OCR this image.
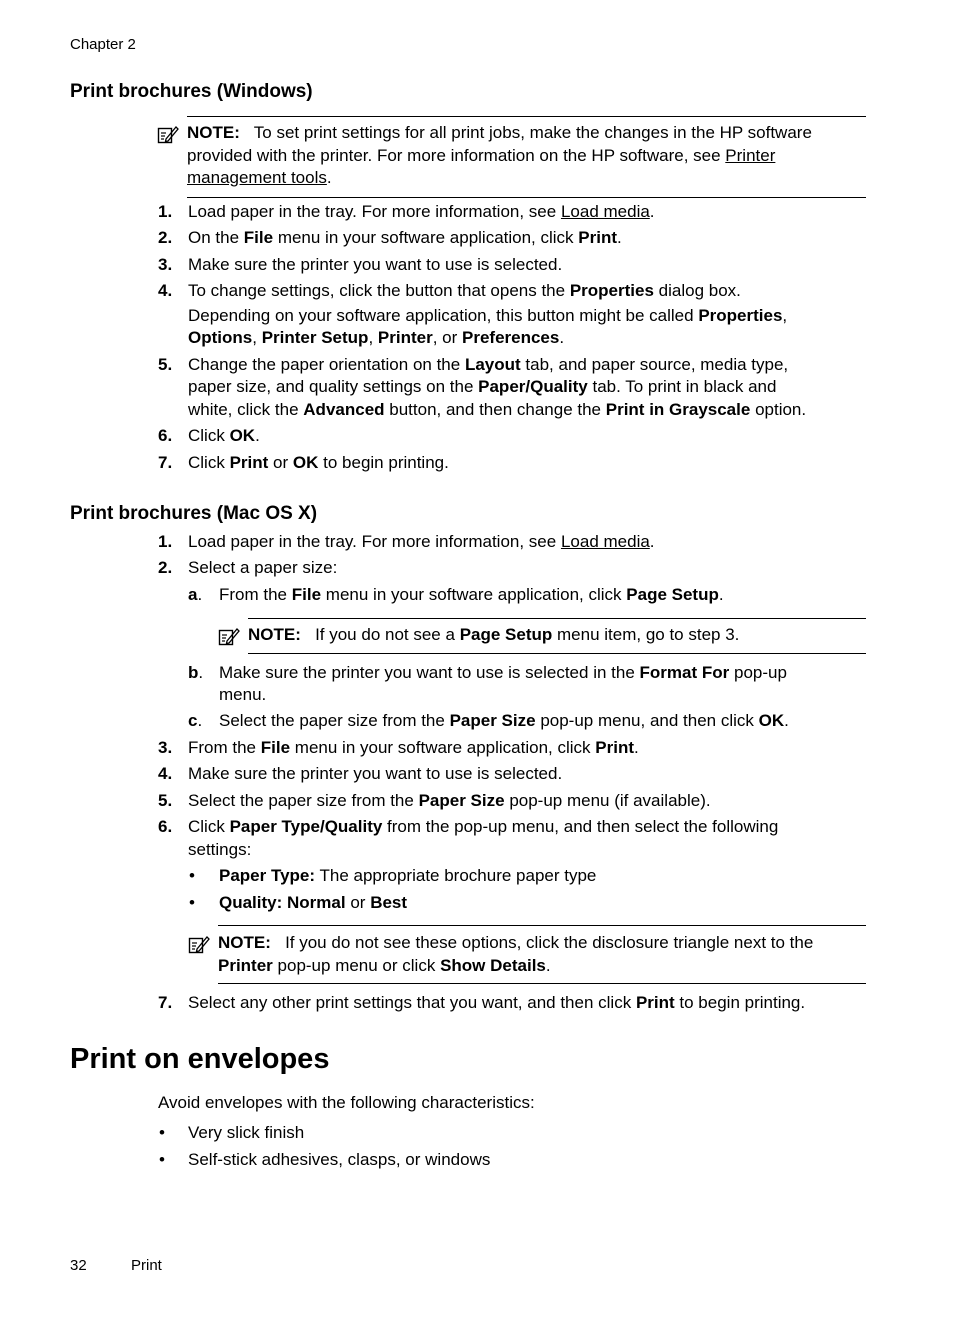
Chapter 2
Print brochures (Windows)
NOTE: To set print settings for all print jobs, make the changes in the HP software
provided with the printer. For more information on the HP software, see Printer
management tools.
1. Load paper in the tray. For more information, see Load media.
2. On the File menu in your software application, click Print.
3. Make sure the printer you want to use is selected.
4. To change settings, click the button that opens the Properties dialog box.
Depending on your software application, this button might be called Properties,
Options, Printer Setup, Printer, or Preferences.
5. Change the paper orientation on the Layout tab, and paper source, media type,
paper size, and quality settings on the Paper/Quality tab. To print in black and
white, click the Advanced button, and then change the Print in Grayscale option.
6. Click OK.
7. Click Print or OK to begin printing.
Print brochures (Mac OS X)
1. Load paper in the tray. For more information, see Load media.
2. Select a paper size:
a. From the File menu in your software application, click Page Setup.
NOTE: If you do not see a Page Setup menu item, go to step 3.
b. Make sure the printer you want to use is selected in the Format For pop-up
menu.
c. Select the paper size from the Paper Size pop-up menu, and then click OK.
3. From the File menu in your software application, click Print.
4. Make sure the printer you want to use is selected.
5. Select the paper size from the Paper Size pop-up menu (if available).
6. Click Paper Type/Quality from the pop-up menu, and then select the following
settings:
• Paper Type: The appropriate brochure paper type
• Quality: Normal or Best
NOTE: If you do not see these options, click the disclosure triangle next to the
Printer pop-up menu or click Show Details.
7. Select any other print settings that you want, and then click Print to begin printing.
Print on envelopes
Avoid envelopes with the following characteristics:
• Very slick finish
• Self-stick adhesives, clasps, or windows
32	Print
